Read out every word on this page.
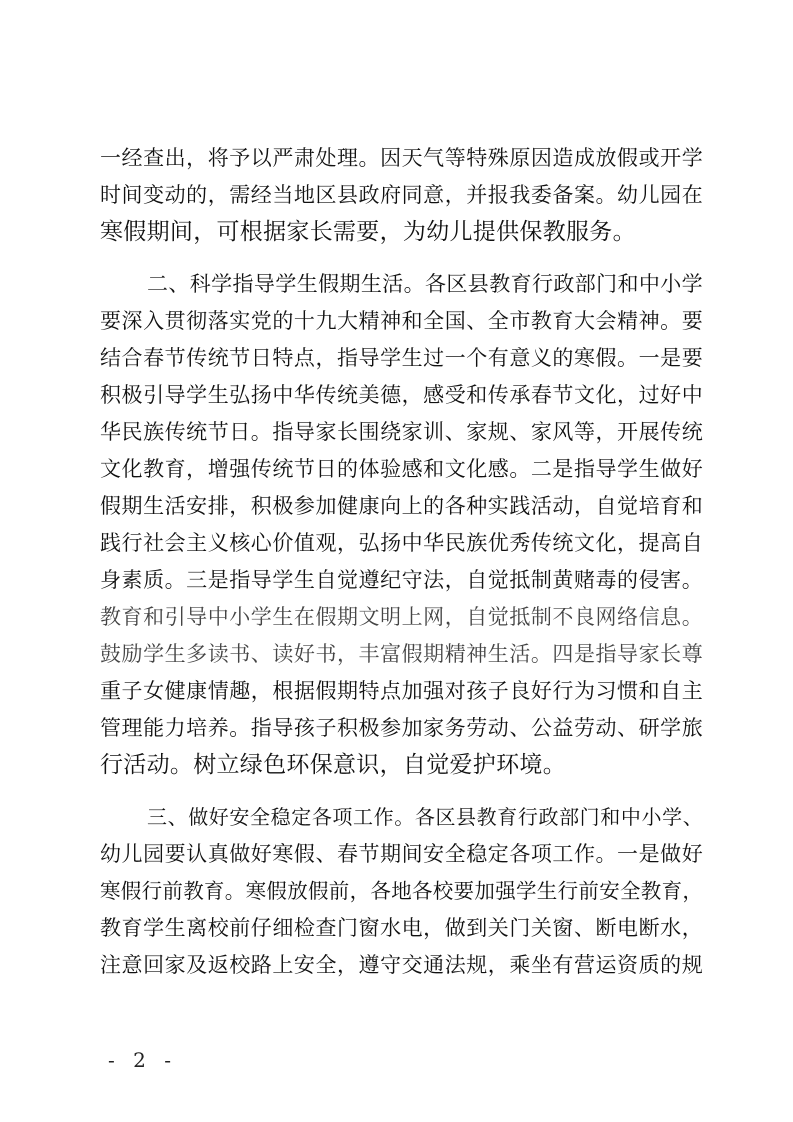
一经查出，将予以严肃处理。因天气等特殊原因造成放假或开学
时间变动的，需经当地区县政府同意，并报我委备案。幼儿园在
寒假期间，可根据家长需要，为幼儿提供保教服务。
二、科学指导学生假期生活。各区县教育行政部门和中小学
要深入贯彻落实党的十九大精神和全国、全市教育大会精神。要
结合春节传统节日特点，指导学生过一个有意义的寒假。一是要
积极引导学生弘扬中华传统美德，感受和传承春节文化，过好中
华民族传统节日。指导家长围绕家训、家规、家风等，开展传统
文化教育，增强传统节日的体验感和文化感。二是指导学生做好
假期生活安排，积极参加健康向上的各种实践活动，自觉培育和
践行社会主义核心价值观，弘扬中华民族优秀传统文化，提高自
身素质。三是指导学生自觉遵纪守法，自觉抵制黄赌毒的侵害。
教育和引导中小学生在假期文明上网，自觉抵制不良网络信息。
鼓励学生多读书、读好书，丰富假期精神生活。四是指导家长尊
重子女健康情趣，根据假期特点加强对孩子良好行为习惯和自主
管理能力培养。指导孩子积极参加家务劳动、公益劳动、研学旅
行活动。树立绿色环保意识，自觉爱护环境。
三、做好安全稳定各项工作。各区县教育行政部门和中小学、
幼儿园要认真做好寒假、春节期间安全稳定各项工作。一是做好
寒假行前教育。寒假放假前，各地各校要加强学生行前安全教育，
教育学生离校前仔细检查门窗水电，做到关门关窗、断电断水，
注意回家及返校路上安全，遵守交通法规，乘坐有营运资质的规
- 2 -
